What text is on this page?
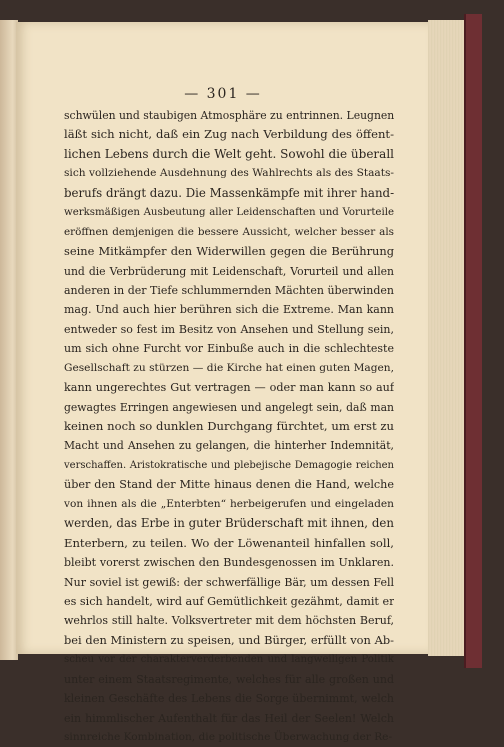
— 301 —
schwülen und staubigen Atmosphäre zu entrinnen. Leugnen
läßt sich nicht, daß ein Zug nach Verbildung des öffent-
lichen Lebens durch die Welt geht. Sowohl die überall
sich vollziehende Ausdehnung des Wahlrechts als des Staats-
berufs drängt dazu. Die Massenkämpfe mit ihrer hand-
werksmäßigen Ausbeutung aller Leidenschaften und Vorurteile
eröffnen demjenigen die bessere Aussicht, welcher besser als
seine Mitkämpfer den Widerwillen gegen die Berührung
und die Verbrüderung mit Leidenschaft, Vorurteil und allen
anderen in der Tiefe schlummernden Mächten überwinden
mag. Und auch hier berühren sich die Extreme. Man kann
entweder so fest im Besitz von Ansehen und Stellung sein,
um sich ohne Furcht vor Einbuße auch in die schlechteste
Gesellschaft zu stürzen — die Kirche hat einen guten Magen,
kann ungerechtes Gut vertragen — oder man kann so auf
gewagtes Erringen angewiesen und angelegt sein, daß man
keinen noch so dunklen Durchgang fürchtet, um erst zu
Macht und Ansehen zu gelangen, die hinterher Indemnität,
verschaffen. Aristokratische und plebejische Demagogie reichen
über den Stand der Mitte hinaus denen die Hand, welche
von ihnen als die „Enterbten“ herbeigerufen und eingeladen
werden, das Erbe in guter Brüderschaft mit ihnen, den
Enterbern, zu teilen. Wo der Löwenanteil hinfallen soll,
bleibt vorerst zwischen den Bundesgenossen im Unklaren.
Nur soviel ist gewiß: der schwerfällige Bär, um dessen Fell
es sich handelt, wird auf Gemütlichkeit gezähmt, damit er
wehrlos still halte. Volksvertreter mit dem höchsten Beruf,
bei den Ministern zu speisen, und Bürger, erfüllt von Ab-
scheu vor der charakterverderbenden und langweiligen Politik
unter einem Staatsregimente, welches für alle großen und
kleinen Geschäfte des Lebens die Sorge übernimmt, welch
ein himmlischer Aufenthalt für das Heil der Seelen! Welch
sinnreiche Kombination, die politische Überwachung der Re-
